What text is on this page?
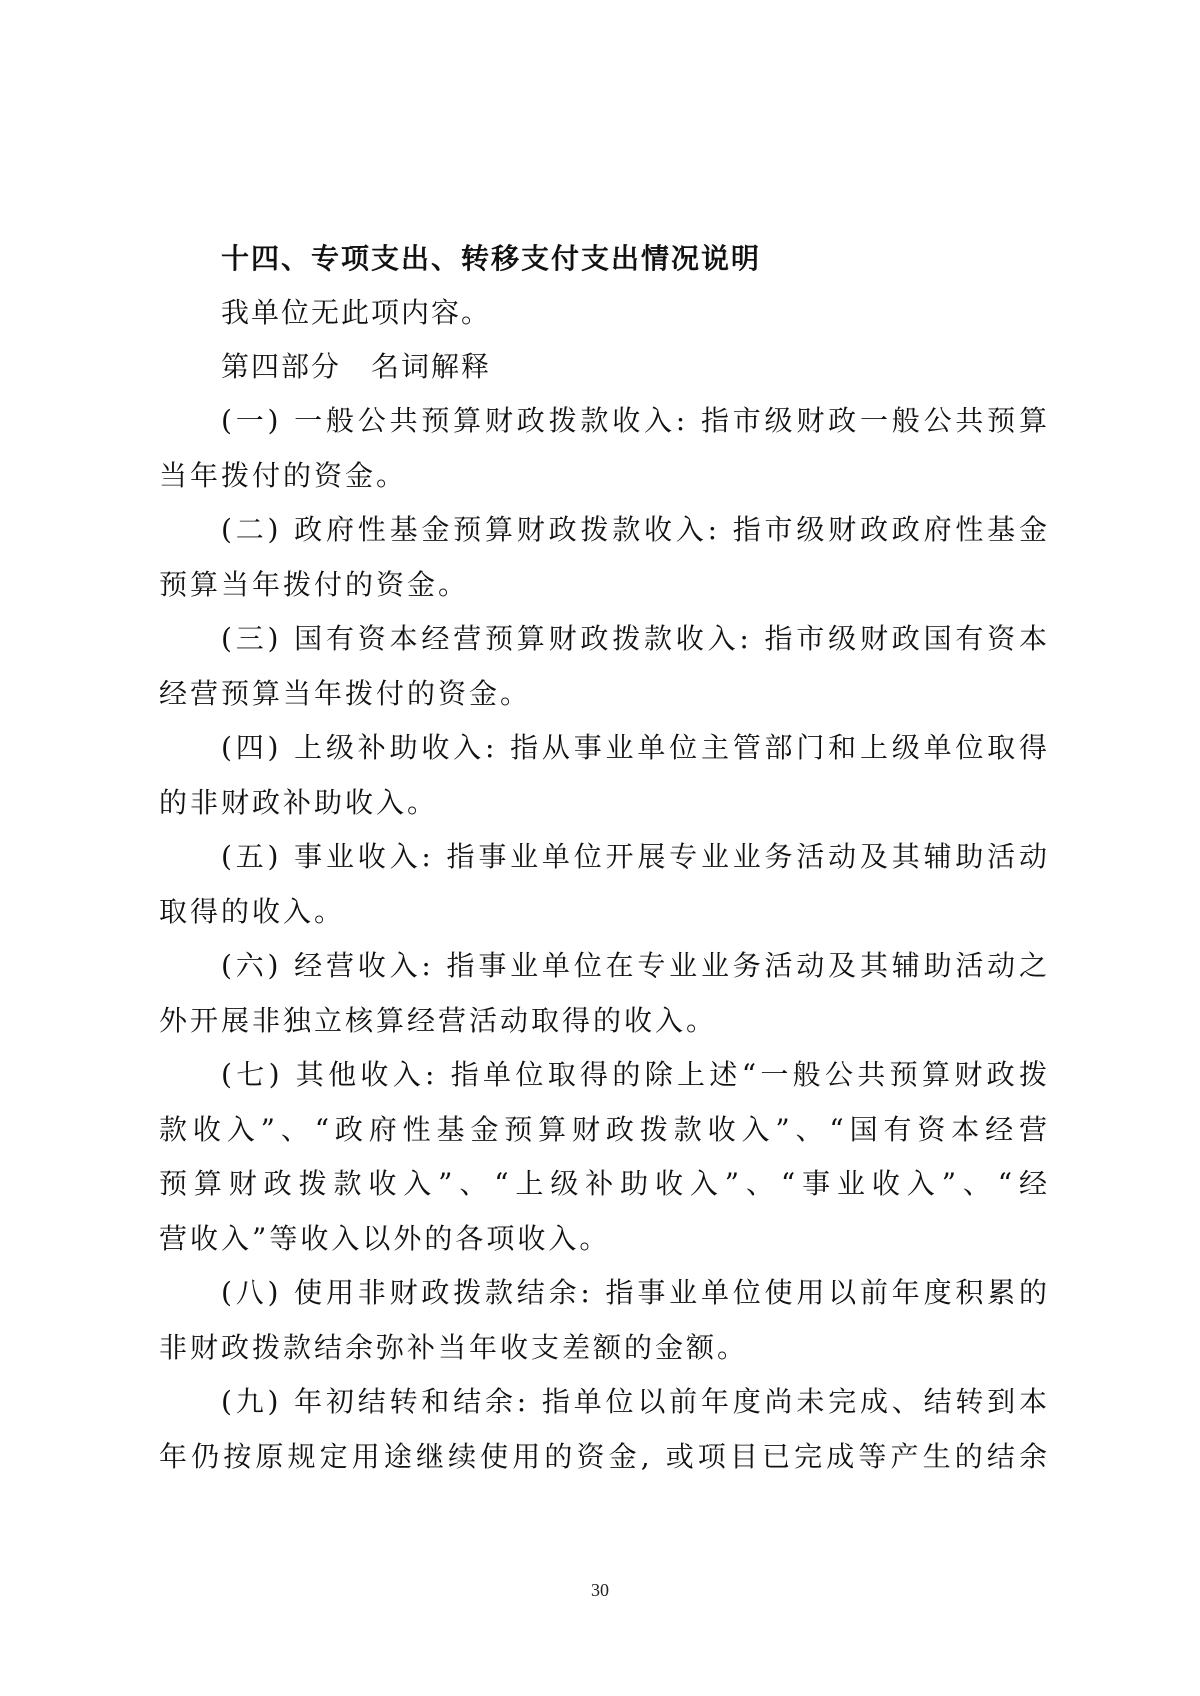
十四、专项支出、转移支付支出情况说明
我单位无此项内容。
第四部分　名词解释
(一) 一般公共预算财政拨款收入: 指市级财政一般公共预算
当年拨付的资金。
(二) 政府性基金预算财政拨款收入: 指市级财政政府性基金
预算当年拨付的资金。
(三) 国有资本经营预算财政拨款收入: 指市级财政国有资本
经营预算当年拨付的资金。
(四) 上级补助收入: 指从事业单位主管部门和上级单位取得
的非财政补助收入。
(五) 事业收入: 指事业单位开展专业业务活动及其辅助活动
取得的收入。
(六) 经营收入: 指事业单位在专业业务活动及其辅助活动之
外开展非独立核算经营活动取得的收入。
(七) 其他收入: 指单位取得的除上述“一般公共预算财政拨
款收入”、“政府性基金预算财政拨款收入”、“国有资本经营
预算财政拨款收入”、“上级补助收入”、“事业收入”、“经
营收入”等收入以外的各项收入。
(八) 使用非财政拨款结余: 指事业单位使用以前年度积累的
非财政拨款结余弥补当年收支差额的金额。
(九) 年初结转和结余: 指单位以前年度尚未完成、结转到本
年仍按原规定用途继续使用的资金, 或项目已完成等产生的结余
30
